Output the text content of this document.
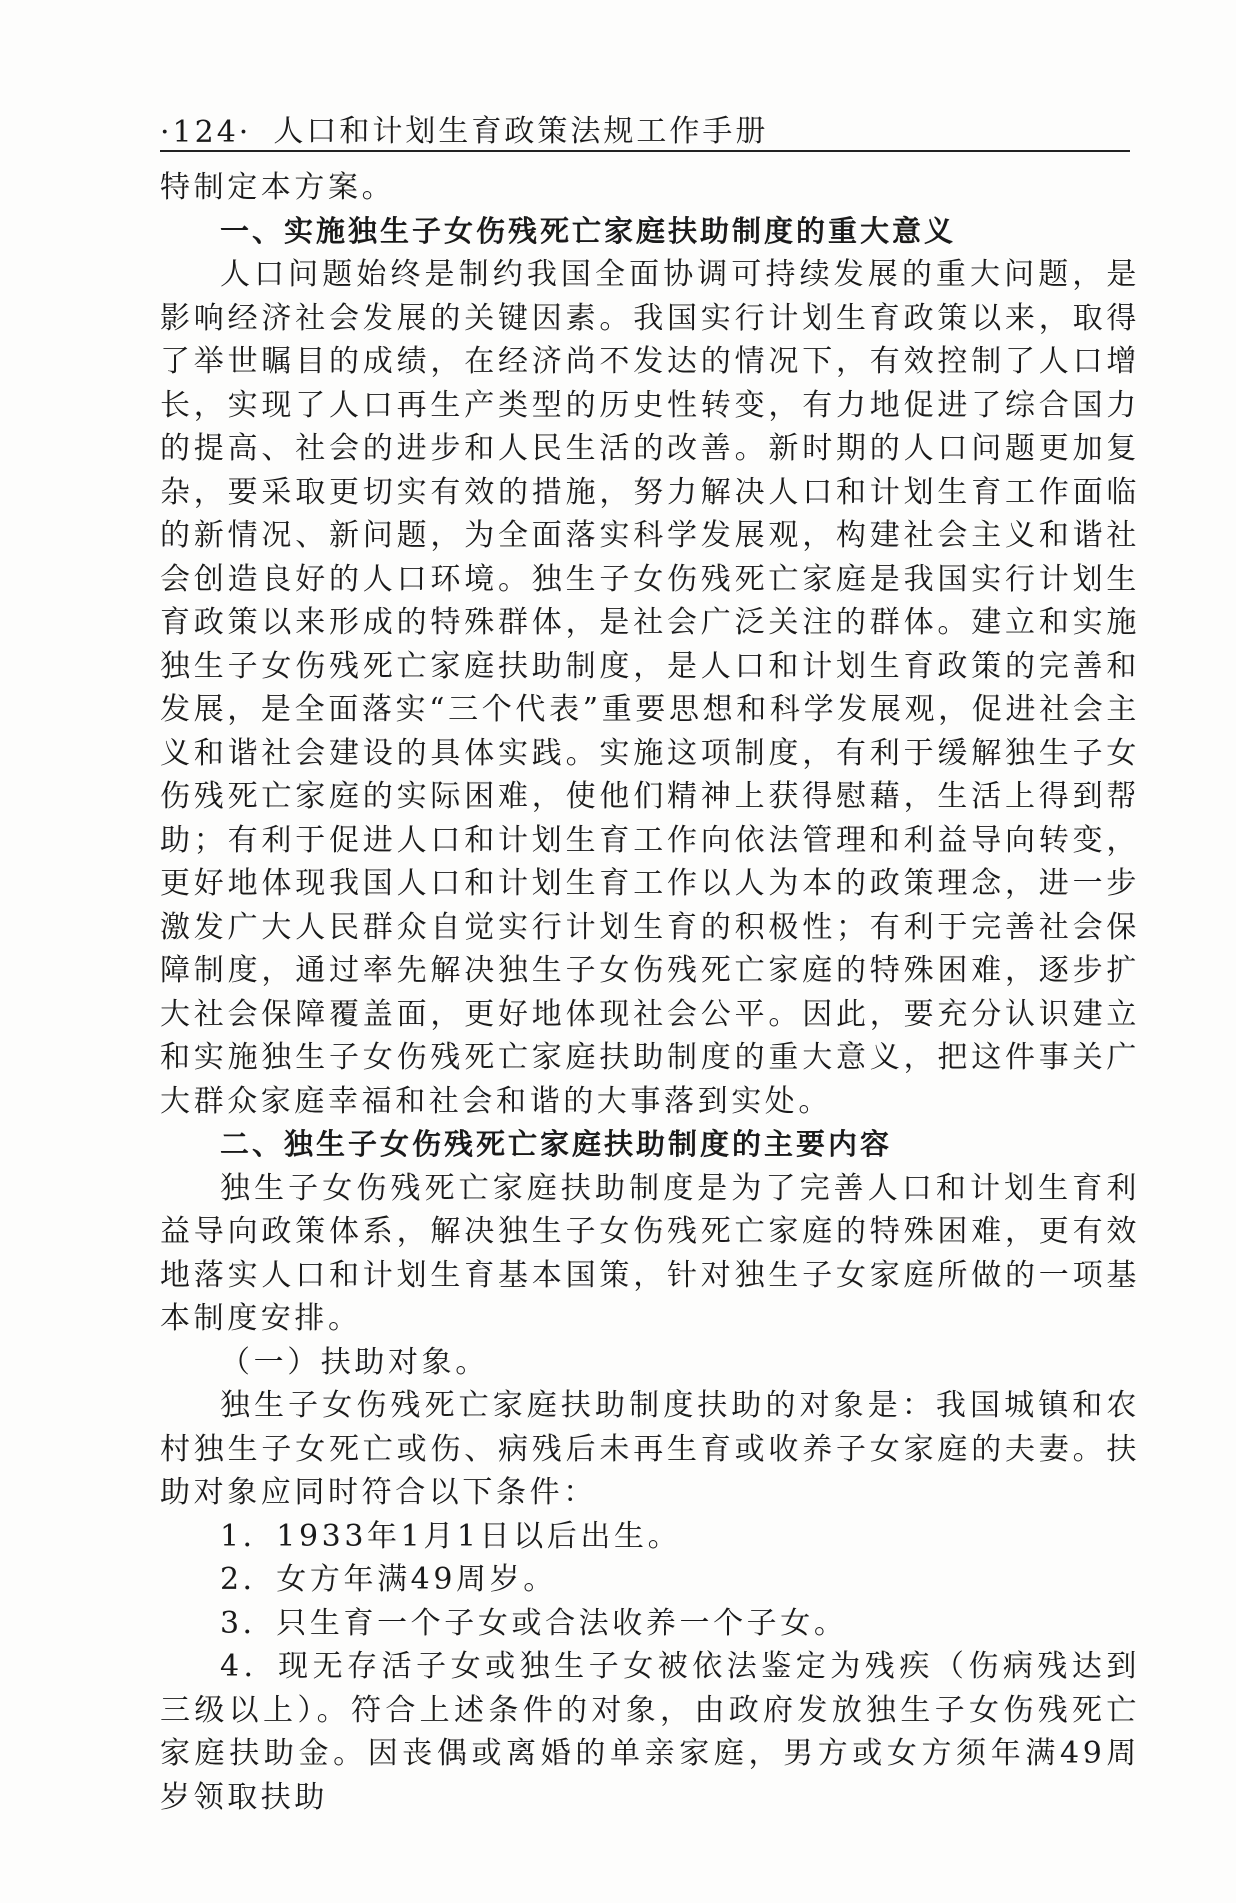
·124· 人口和计划生育政策法规工作手册

特制定本方案。

一、实施独生子女伤残死亡家庭扶助制度的重大意义

人口问题始终是制约我国全面协调可持续发展的重大问题，是影响经济社会发展的关键因素。我国实行计划生育政策以来，取得了举世瞩目的成绩，在经济尚不发达的情况下，有效控制了人口增长，实现了人口再生产类型的历史性转变，有力地促进了综合国力的提高、社会的进步和人民生活的改善。新时期的人口问题更加复杂，要采取更切实有效的措施，努力解决人口和计划生育工作面临的新情况、新问题，为全面落实科学发展观，构建社会主义和谐社会创造良好的人口环境。独生子女伤残死亡家庭是我国实行计划生育政策以来形成的特殊群体，是社会广泛关注的群体。建立和实施独生子女伤残死亡家庭扶助制度，是人口和计划生育政策的完善和发展，是全面落实“三个代表”重要思想和科学发展观，促进社会主义和谐社会建设的具体实践。实施这项制度，有利于缓解独生子女伤残死亡家庭的实际困难，使他们精神上获得慰藉，生活上得到帮助；有利于促进人口和计划生育工作向依法管理和利益导向转变，更好地体现我国人口和计划生育工作以人为本的政策理念，进一步激发广大人民群众自觉实行计划生育的积极性；有利于完善社会保障制度，通过率先解决独生子女伤残死亡家庭的特殊困难，逐步扩大社会保障覆盖面，更好地体现社会公平。因此，要充分认识建立和实施独生子女伤残死亡家庭扶助制度的重大意义，把这件事关广大群众家庭幸福和社会和谐的大事落到实处。

二、独生子女伤残死亡家庭扶助制度的主要内容

独生子女伤残死亡家庭扶助制度是为了完善人口和计划生育利益导向政策体系，解决独生子女伤残死亡家庭的特殊困难，更有效地落实人口和计划生育基本国策，针对独生子女家庭所做的一项基本制度安排。

（一）扶助对象。

独生子女伤残死亡家庭扶助制度扶助的对象是：我国城镇和农村独生子女死亡或伤、病残后未再生育或收养子女家庭的夫妻。扶助对象应同时符合以下条件：

1．1933年1月1日以后出生。

2．女方年满49周岁。

3．只生育一个子女或合法收养一个子女。

4．现无存活子女或独生子女被依法鉴定为残疾（伤病残达到三级以上）。符合上述条件的对象，由政府发放独生子女伤残死亡家庭扶助金。因丧偶或离婚的单亲家庭，男方或女方须年满49周岁领取扶助
